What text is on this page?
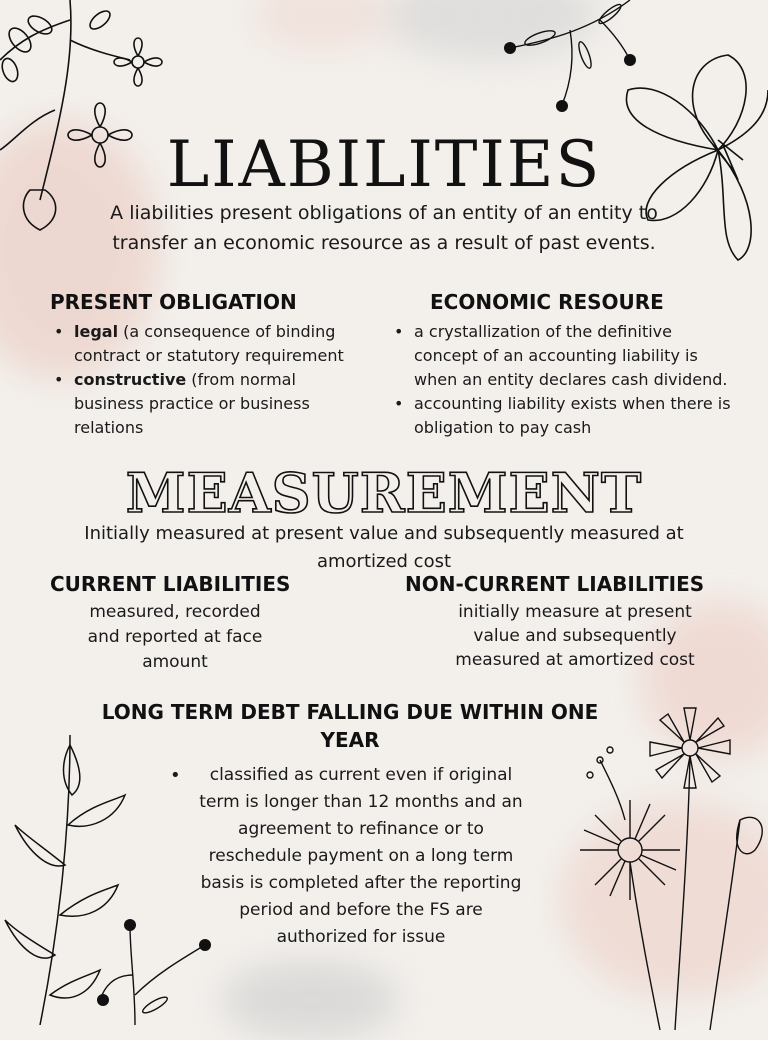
LIABILITIES
A liabilities present obligations of an entity of an entity to transfer an economic resource as a result of past events.
PRESENT OBLIGATION
• legal (a consequence of binding contract or statutory requirement
• constructive (from normal business practice or business relations
ECONOMIC RESOURE
• a crystallization of the definitive concept of an accounting liability is when an entity declares cash dividend.
• accounting liability exists when there is obligation to pay cash
MEASUREMENT
Initially measured at present value and subsequently measured at amortized cost
CURRENT LIABILITIES
measured, recorded and reported at face amount
NON-CURRENT LIABILITIES
initially measure at present value and subsequently measured at amortized cost
LONG TERM DEBT FALLING DUE WITHIN ONE YEAR
•	classified as current even if original term is longer than 12 months and an agreement to refinance or to reschedule payment on a long term basis is completed after the reporting period and before the FS are authorized for issue
